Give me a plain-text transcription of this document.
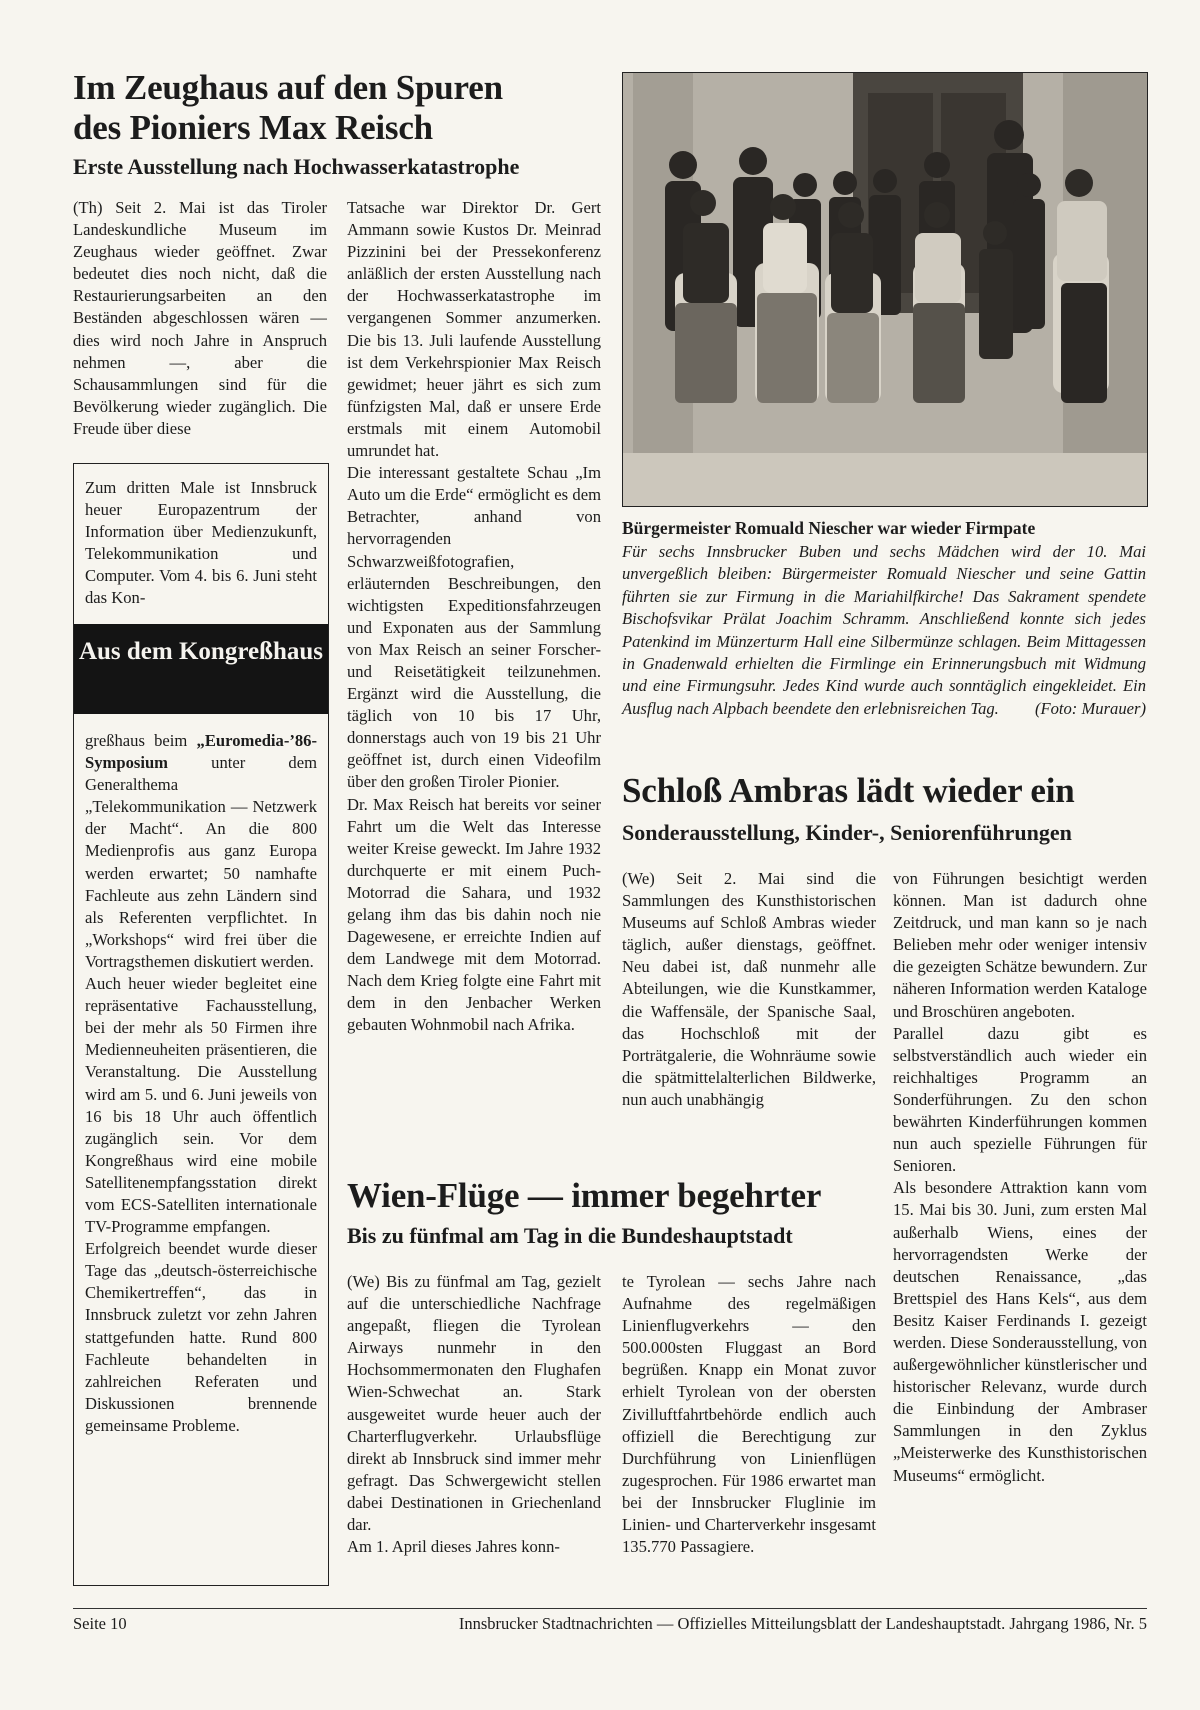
Im Zeughaus auf den Spuren des Pioniers Max Reisch
Erste Ausstellung nach Hochwasserkatastrophe

(Th) Seit 2. Mai ist das Tiroler Landeskundliche Museum im Zeughaus wieder geöffnet. Zwar bedeutet dies noch nicht, daß die Restaurierungsarbeiten an den Beständen abgeschlossen wären — dies wird noch Jahre in Anspruch nehmen —, aber die Schausammlungen sind für die Bevölkerung wieder zugänglich. Die Freude über diese

Tatsache war Direktor Dr. Gert Ammann sowie Kustos Dr. Meinrad Pizzinini bei der Pressekonferenz anläßlich der ersten Ausstellung nach der Hochwasserkatastrophe im vergangenen Sommer anzumerken. Die bis 13. Juli laufende Ausstellung ist dem Verkehrspionier Max Reisch gewidmet; heuer jährt es sich zum fünfzigsten Mal, daß er unsere Erde erstmals mit einem Automobil umrundet hat.

Die interessant gestaltete Schau „Im Auto um die Erde“ ermöglicht es dem Betrachter, anhand von hervorragenden Schwarzweißfotografien, erläuternden Beschreibungen, den wichtigsten Expeditionsfahrzeugen und Exponaten aus der Sammlung von Max Reisch an seiner Forscher- und Reisetätigkeit teilzunehmen. Ergänzt wird die Ausstellung, die täglich von 10 bis 17 Uhr, donnerstags auch von 19 bis 21 Uhr geöffnet ist, durch einen Videofilm über den großen Tiroler Pionier.

Dr. Max Reisch hat bereits vor seiner Fahrt um die Welt das Interesse weiter Kreise geweckt. Im Jahre 1932 durchquerte er mit einem Puch-Motorrad die Sahara, und 1932 gelang ihm das bis dahin noch nie Dagewesene, er erreichte Indien auf dem Landwege mit dem Motorrad. Nach dem Krieg folgte eine Fahrt mit dem in den Jenbacher Werken gebauten Wohnmobil nach Afrika.

Zum dritten Male ist Innsbruck heuer Europazentrum der Information über Medienzukunft, Telekommunikation und Computer. Vom 4. bis 6. Juni steht das Kon-

Aus dem Kongreßhaus

greßhaus beim „Euromedia-’86-Symposium unter dem Generalthema „Telekommunikation — Netzwerk der Macht“. An die 800 Medienprofis aus ganz Europa werden erwartet; 50 namhafte Fachleute aus zehn Ländern sind als Referenten verpflichtet. In „Workshops“ wird frei über die Vortragsthemen diskutiert werden.

Auch heuer wieder begleitet eine repräsentative Fachausstellung, bei der mehr als 50 Firmen ihre Medienneuheiten präsentieren, die Veranstaltung. Die Ausstellung wird am 5. und 6. Juni jeweils von 16 bis 18 Uhr auch öffentlich zugänglich sein. Vor dem Kongreßhaus wird eine mobile Satellitenempfangsstation direkt vom ECS-Satelliten internationale TV-Programme empfangen.

Erfolgreich beendet wurde dieser Tage das „deutsch-österreichische Chemikertreffen“, das in Innsbruck zuletzt vor zehn Jahren stattgefunden hatte. Rund 800 Fachleute behandelten in zahlreichen Referaten und Diskussionen brennende gemeinsame Probleme.

Bürgermeister Romuald Niescher war wieder Firmpate
Für sechs Innsbrucker Buben und sechs Mädchen wird der 10. Mai unvergeßlich bleiben: Bürgermeister Romuald Niescher und seine Gattin führten sie zur Firmung in die Mariahilfkirche! Das Sakrament spendete Bischofsvikar Prälat Joachim Schramm. Anschließend konnte sich jedes Patenkind im Münzerturm Hall eine Silbermünze schlagen. Beim Mittagessen in Gnadenwald erhielten die Firmlinge ein Erinnerungsbuch mit Widmung und eine Firmungsuhr. Jedes Kind wurde auch sonntäglich eingekleidet. Ein Ausflug nach Alpbach beendete den erlebnisreichen Tag. (Foto: Murauer)
Schloß Ambras lädt wieder ein
Sonderausstellung, Kinder-, Seniorenführungen

(We) Seit 2. Mai sind die Sammlungen des Kunsthistorischen Museums auf Schloß Ambras wieder täglich, außer dienstags, geöffnet. Neu dabei ist, daß nunmehr alle Abteilungen, wie die Kunstkammer, die Waffensäle, der Spanische Saal, das Hochschloß mit der Porträtgalerie, die Wohnräume sowie die spätmittelalterlichen Bildwerke, nun auch unabhängig

von Führungen besichtigt werden können. Man ist dadurch ohne Zeitdruck, und man kann so je nach Belieben mehr oder weniger intensiv die gezeigten Schätze bewundern. Zur näheren Information werden Kataloge und Broschüren angeboten.

Parallel dazu gibt es selbstverständlich auch wieder ein reichhaltiges Programm an Sonderführungen. Zu den schon bewährten Kinderführungen kommen nun auch spezielle Führungen für Senioren.

Als besondere Attraktion kann vom 15. Mai bis 30. Juni, zum ersten Mal außerhalb Wiens, eines der hervorragendsten Werke der deutschen Renaissance, „das Brettspiel des Hans Kels“, aus dem Besitz Kaiser Ferdinands I. gezeigt werden. Diese Sonderausstellung, von außergewöhnlicher künstlerischer und historischer Relevanz, wurde durch die Einbindung der Ambraser Sammlungen in den Zyklus „Meisterwerke des Kunsthistorischen Museums“ ermöglicht.

Wien-Flüge — immer begehrter
Bis zu fünfmal am Tag in die Bundeshauptstadt

(We) Bis zu fünfmal am Tag, gezielt auf die unterschiedliche Nachfrage angepaßt, fliegen die Tyrolean Airways nunmehr in den Hochsommermonaten den Flughafen Wien-Schwechat an. Stark ausgeweitet wurde heuer auch der Charterflugverkehr. Urlaubsflüge direkt ab Innsbruck sind immer mehr gefragt. Das Schwergewicht stellen dabei Destinationen in Griechenland dar.

Am 1. April dieses Jahres konn-

te Tyrolean — sechs Jahre nach Aufnahme des regelmäßigen Linienflugverkehrs — den 500.000sten Fluggast an Bord begrüßen. Knapp ein Monat zuvor erhielt Tyrolean von der obersten Zivilluftfahrtbehörde endlich auch offiziell die Berechtigung zur Durchführung von Linienflügen zugesprochen. Für 1986 erwartet man bei der Innsbrucker Fluglinie im Linien- und Charterverkehr insgesamt 135.770 Passagiere.

Seite 10	Innsbrucker Stadtnachrichten — Offizielles Mitteilungsblatt der Landeshauptstadt. Jahrgang 1986, Nr. 5
